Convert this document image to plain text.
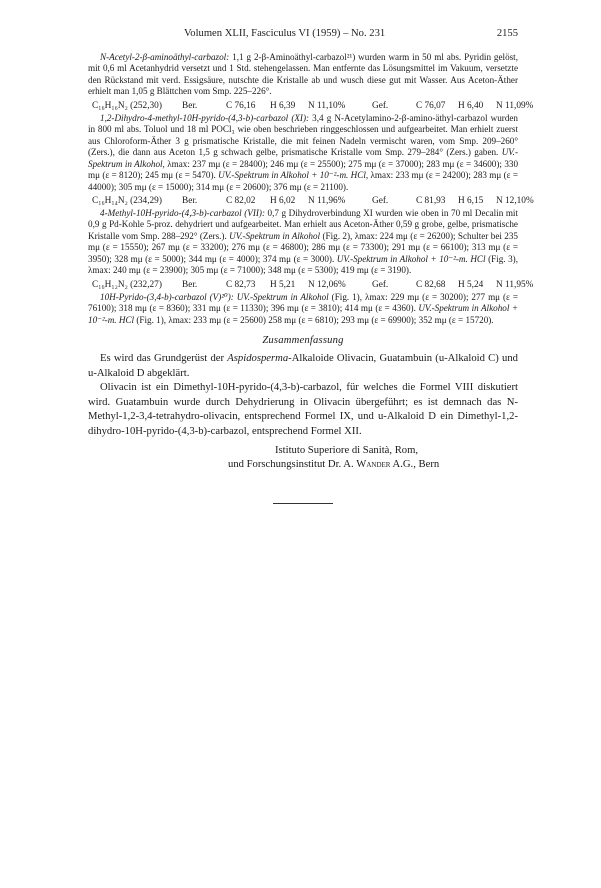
Volumen XLII, Fasciculus VI (1959) – No. 231	2155

N-Acetyl-2-β-aminoäthyl-carbazol: 1,1 g 2-β-Aminoäthyl-carbazol²¹) wurden warm in 50 ml abs. Pyridin gelöst, mit 0,6 ml Acetanhydrid versetzt und 1 Std. stehengelassen. Man entfernte das Lösungsmittel im Vakuum, versetzte den Rückstand mit verd. Essigsäure, nutschte die Kristalle ab und wusch diese gut mit Wasser. Aus Aceton-Äther erhielt man 1,05 g Blättchen vom Smp. 225–226°.

C₁₆H₁₆N₂ (252,30) Ber.	C 76,16 H 6,39 N 11,10%	Gef.	C 76,07 H 6,40 N 11,09%

1,2-Dihydro-4-methyl-10H-pyrido-(4,3-b)-carbazol (XI): 3,4 g N-Acetylamino-2-β-amino-äthyl-carbazol wurden in 800 ml abs. Toluol und 18 ml POCl₃ wie oben beschrieben ringgeschlossen und aufgearbeitet. Man erhielt zuerst aus Chloroform-Äther 3 g prismatische Kristalle, die mit feinen Nadeln vermischt waren, vom Smp. 209–260° (Zers.), die dann aus Aceton 1,5 g schwach gelbe, prismatische Kristalle vom Smp. 279–284° (Zers.) gaben. UV.-Spektrum in Alkohol, λmax: 237 mμ (ε = 28400); 246 mμ (ε = 25500); 275 mμ (ε = 37000); 283 mμ (ε = 34600); 330 mμ (ε = 8120); 245 mμ (ε = 5470). UV.-Spektrum in Alkohol + 10⁻²-m. HCl, λmax: 233 mμ (ε = 24200); 283 mμ (ε = 44000); 305 mμ (ε = 15000); 314 mμ (ε = 20600); 376 mμ (ε = 21100).

C₁₆H₁₄N₂ (234,29) Ber.	C 82,02 H 6,02 N 11,96%	Gef.	C 81,93 H 6,15 N 12,10%

4-Methyl-10H-pyrido-(4,3-b)-carbazol (VII): 0,7 g Dihydroverbindung XI wurden wie oben in 70 ml Decalin mit 0,9 g Pd-Kohle 5-proz. dehydriert und aufgearbeitet. Man erhielt aus Aceton-Äther 0,59 g grobe, gelbe, prismatische Kristalle vom Smp. 288–292° (Zers.). UV.-Spektrum in Alkohol (Fig. 2), λmax: 224 mμ (ε = 26200); Schulter bei 235 mμ (ε = 15550); 267 mμ (ε = 33200); 276 mμ (ε = 46800); 286 mμ (ε = 73300); 291 mμ (ε = 66100); 313 mμ (ε = 3950); 328 mμ (ε = 5000); 344 mμ (ε = 4000); 374 mμ (ε = 3000). UV.-Spektrum in Alkohol + 10⁻²-m. HCl (Fig. 3), λmax: 240 mμ (ε = 23900); 305 mμ (ε = 71000); 348 mμ (ε = 5300); 419 mμ (ε = 3190).

C₁₆H₁₂N₂ (232,27) Ber.	C 82,73 H 5,21 N 12,06%	Gef.	C 82,68 H 5,24 N 11,95%

10H-Pyrido-(3,4-b)-carbazol (V)²⁰): UV.-Spektrum in Alkohol (Fig. 1), λmax: 229 mμ (ε = 30200); 277 mμ (ε = 76100); 318 mμ (ε = 8360); 331 mμ (ε = 11330); 396 mμ (ε = 3810); 414 mμ (ε = 4360). UV.-Spektrum in Alkohol + 10⁻²-m. HCl (Fig. 1), λmax: 233 mμ (ε = 25600) 258 mμ (ε = 6810); 293 mμ (ε = 69900); 352 mμ (ε = 15720).

Zusammenfassung

Es wird das Grundgerüst der Aspidosperma-Alkaloide Olivacin, Guatambuin (u-Alkaloid C) und u-Alkaloid D abgeklärt.

Olivacin ist ein Dimethyl-10H-pyrido-(4,3-b)-carbazol, für welches die Formel VIII diskutiert wird. Guatambuin wurde durch Dehydrierung in Olivacin übergeführt; es ist demnach das N-Methyl-1,2-3,4-tetrahydro-olivacin, entsprechend Formel IX, und u-Alkaloid D ein Dimethyl-1,2-dihydro-10H-pyrido-(4,3-b)-carbazol, entsprechend Formel XII.

Istituto Superiore di Sanità, Rom,
und Forschungsinstitut Dr. A. Wander A.G., Bern
